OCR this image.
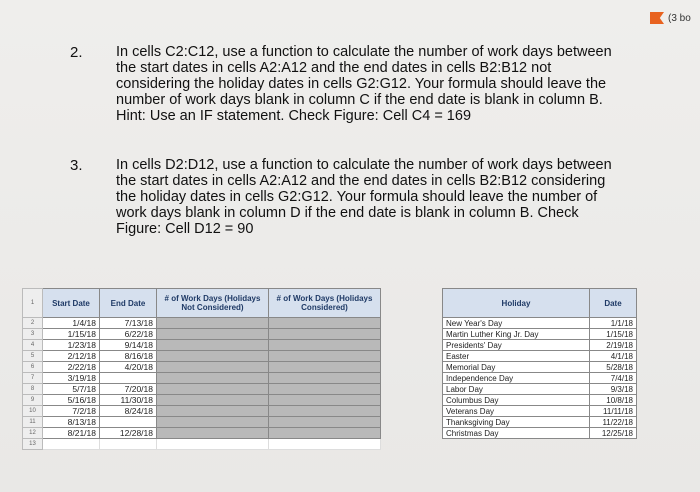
(3 bo
2.	In cells C2:C12, use a function to calculate the number of work days between the start dates in cells A2:A12 and the end dates in cells B2:B12 not considering the holiday dates in cells G2:G12. Your formula should leave the number of work days blank in column C if the end date is blank in column B. Hint: Use an IF statement. Check Figure: Cell C4 = 169
3.	In cells D2:D12, use a function to calculate the number of work days between the start dates in cells A2:A12 and the end dates in cells B2:B12 considering the holiday dates in cells G2:G12. Your formula should leave the number of work days blank in column D if the end date is blank in column B. Check Figure: Cell D12 = 90
1	Start Date	End Date	# of Work Days (Holidays Not Considered)	# of Work Days (Holidays Considered)
2	1/4/18	7/13/18		
3	1/15/18	6/22/18		
4	1/23/18	9/14/18		
5	2/12/18	8/16/18		
6	2/22/18	4/20/18		
7	3/19/18			
8	5/7/18	7/20/18		
9	5/16/18	11/30/18		
10	7/2/18	8/24/18		
11	8/13/18			
12	8/21/18	12/28/18		
13				
Holiday	Date
New Year's Day	1/1/18
Martin Luther King Jr. Day	1/15/18
Presidents' Day	2/19/18
Easter	4/1/18
Memorial Day	5/28/18
Independence Day	7/4/18
Labor Day	9/3/18
Columbus Day	10/8/18
Veterans Day	11/11/18
Thanksgiving Day	11/22/18
Christmas Day	12/25/18
